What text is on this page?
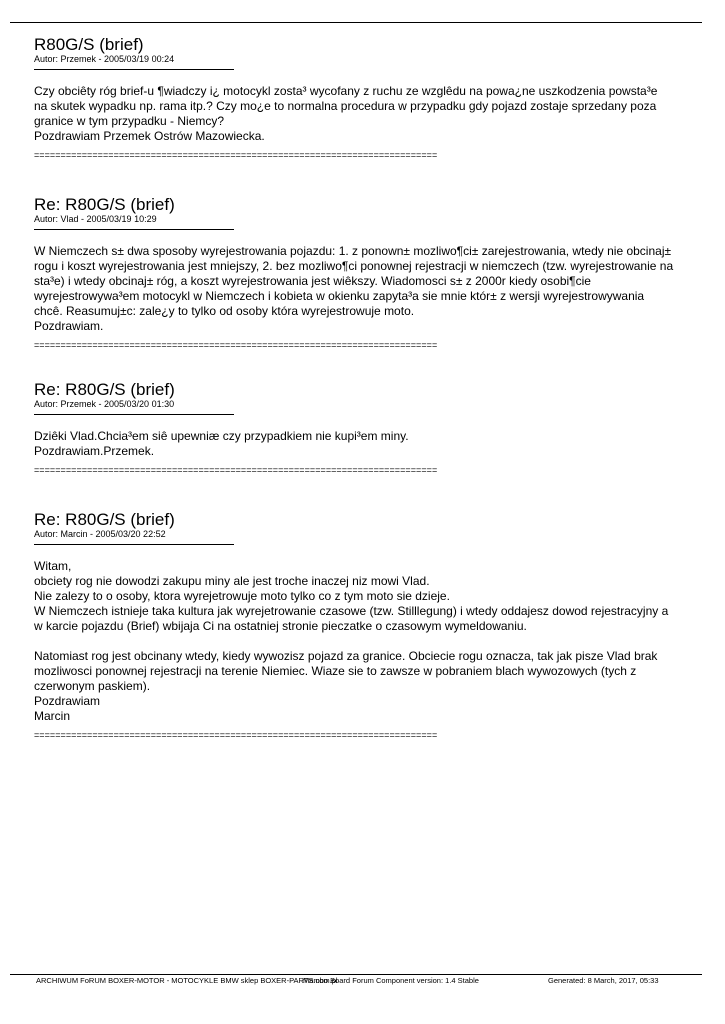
R80G/S (brief)

Autor: Przemek - 2005/03/19 00:24

Czy obciêty róg brief-u ¶wiadczy i¿ motocykl zosta³ wycofany z ruchu ze wzglêdu na powa¿ne uszkodzenia powsta³e
na skutek wypadku np. rama itp.? Czy mo¿e to normalna procedura w przypadku gdy pojazd zostaje sprzedany poza
granice w tym przypadku - Niemcy?
Pozdrawiam Przemek Ostrów Mazowiecka.

============================================================================
Re: R80G/S (brief)

Autor: Vlad - 2005/03/19 10:29

W Niemczech s± dwa sposoby wyrejestrowania pojazdu: 1. z ponown± mozliwo¶ci± zarejestrowania, wtedy nie obcinaj±
rogu i koszt wyrejestrowania jest mniejszy, 2. bez mozliwo¶ci ponownej rejestracji w niemczech (tzw. wyrejestrowanie na
sta³e) i wtedy obcinaj± róg, a koszt wyrejestrowania jest wiêkszy. Wiadomosci s± z 2000r kiedy osobi¶cie
wyrejestrowywa³em motocykl w Niemczech i kobieta w okienku zapyta³a sie mnie któr± z wersji wyrejestrowywania
chcê. Reasumuj±c: zale¿y to tylko od osoby która wyrejestrowuje moto.
Pozdrawiam.

============================================================================
Re: R80G/S (brief)

Autor: Przemek - 2005/03/20 01:30

Dziêki Vlad.Chcia³em siê upewniæ czy przypadkiem nie kupi³em miny.
Pozdrawiam.Przemek.

============================================================================
Re: R80G/S (brief)

Autor: Marcin - 2005/03/20 22:52

Witam,
obciety rog nie dowodzi zakupu miny ale jest troche inaczej niz mowi Vlad.
Nie zalezy to o osoby, ktora wyrejetrowuje moto tylko co z tym moto sie dzieje.
W Niemczech istnieje taka kultura jak wyrejetrowanie czasowe (tzw. Stilllegung) i wtedy oddajesz dowod rejestracyjny a
w karcie pojazdu (Brief) wbijaja Ci na ostatniej stronie pieczatke o czasowym wymeldowaniu.

Natomiast rog jest obcinany wtedy, kiedy wywozisz pojazd za granice. Obciecie rogu oznacza, tak jak pisze Vlad brak
mozliwosci ponownej rejestracji na terenie Niemiec. Wiaze sie to zawsze w pobraniem blach wywozowych (tych z
czerwonym paskiem).
Pozdrawiam
Marcin

============================================================================
ARCHIWUM FoRUM BOXER-MOTOR - MOTOCYKLE BMW sklep BOXER-PARTS.com.pl
Mambo Board Forum Component version: 1.4 Stable	Generated: 8 March, 2017, 05:33
